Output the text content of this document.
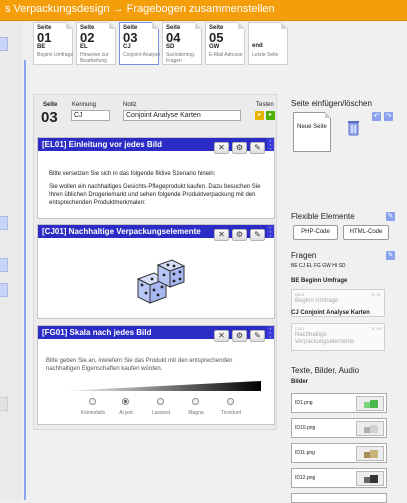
s Verpackungsdesign → Fragebogen zusammenstellen
Seite
01
BE
Beginn Umfrage
Seite
02
EL
Hinweise zur Bearbeitung
Seite
03
CJ
Conjoint Analyse
Seite
04
SD
Soziodemog. Fragen
Seite
05
GW
E-Mail Adresse
end
Letzte Seite
Seite
03
Kennung
CJ
Notiz
Conjoint Analyse Karten
Testen
▸	▸
[EL01] Einleitung vor jedes Bild	▪
▪
▪
✕ ⚙ ✎
Bitte versetzen Sie sich in das folgende fiktive Szenario hinein:
Sie wollen ein nachhaltiges Gesichts-Pflegeprodukt kaufen. Dazu besuchen Sie Ihren üblichen Drogeriemarkt und sehen folgende Produktverpackung mit den entsprechenden Produktmerkmalen:
[CJ01] Nachhaltige Verpackungselemente	▪
▪
▪
✕ ⚙ ✎
[FG01] Skala nach jedes Bild	▪
▪
▪
✕ ⚙ ✎
Bitte geben Sie an, inwiefern Sie das Produkt mit den entsprechenden nachhaltigen Eigenschaften kaufen würden.
Keinesfalls	Al jest	Lassiest	Magna	Tincidunt
Seite einfügen/löschen
Neue Seite
↶ ↷
Flexible Elemente	✎
PHP-Code	HTML-Code
Fragen	✎
BE CJ EL FG GW HI SD
BE Beginn Umfrage
BE01	S. 01
Beginn Umfrage
CJ Conjoint Analyse Karten
CJ01	S. 03
Nachhaltige Verpackungselemente
Texte, Bilder, Audio
Bilder
ID1.png
ID10.png
ID11.png
ID12.png
